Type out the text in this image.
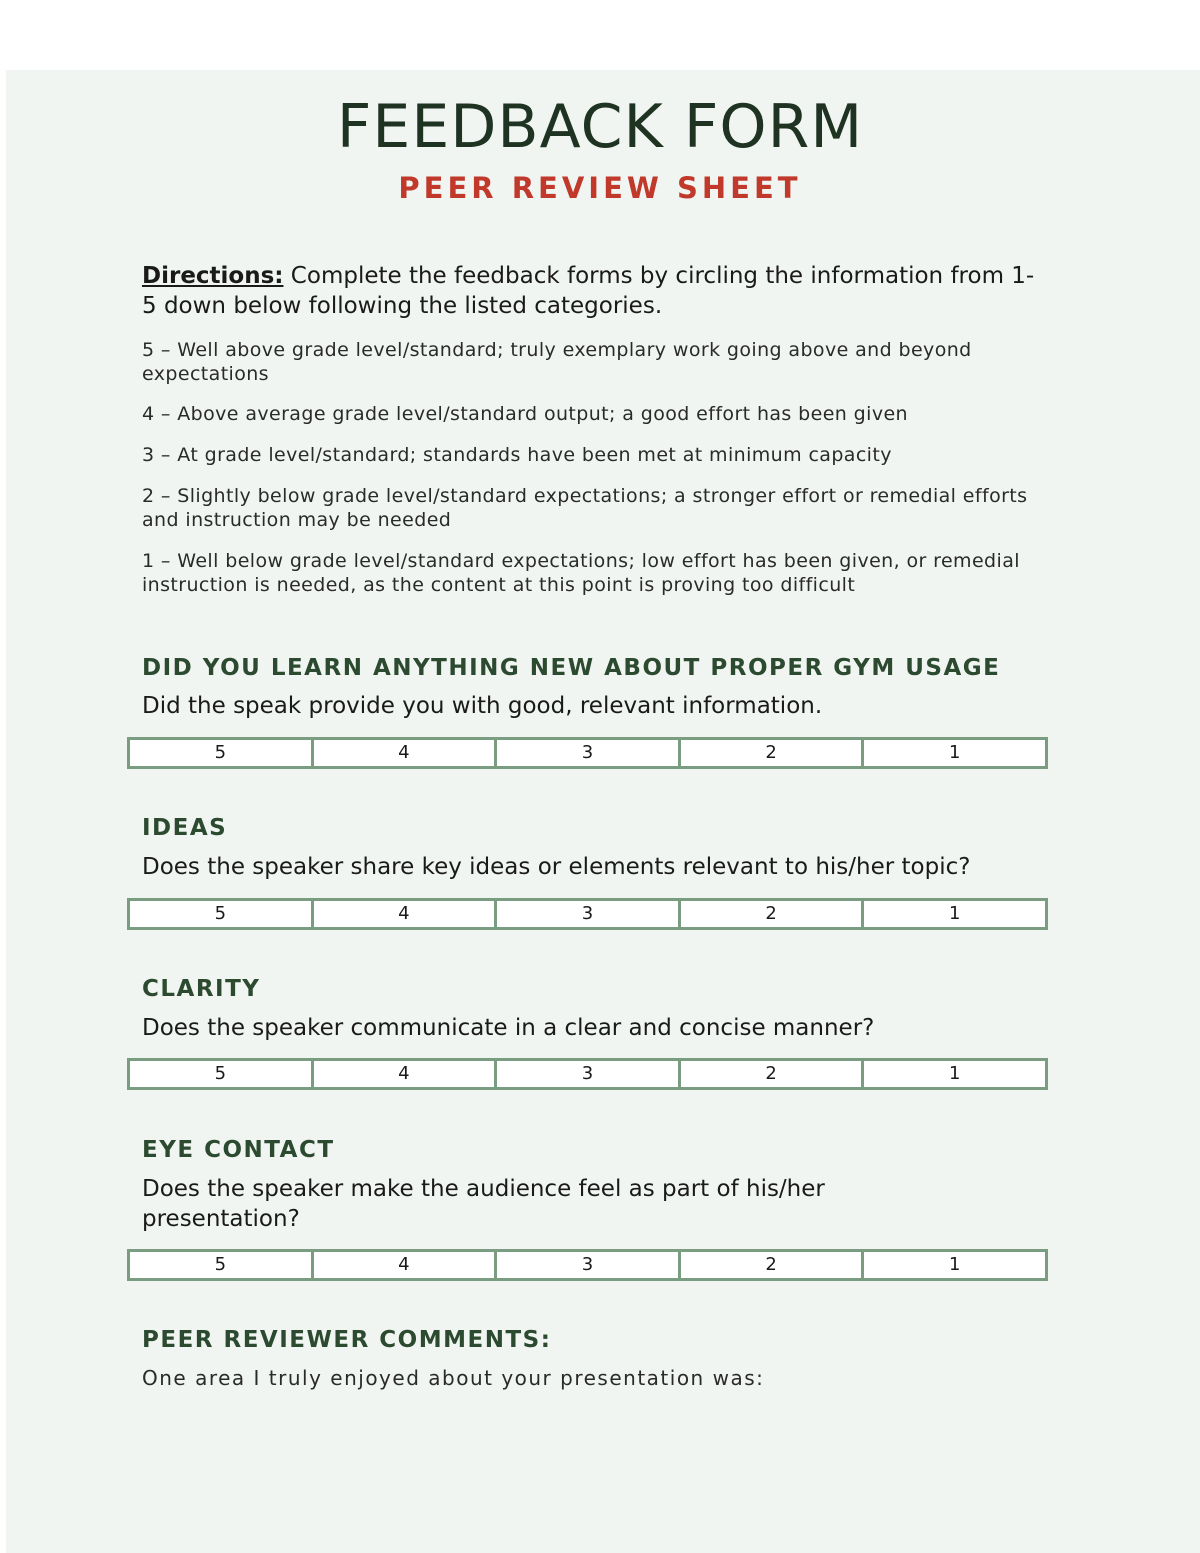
FEEDBACK FORM
PEER REVIEW SHEET
Directions: Complete the feedback forms by circling the information from 1-5 down below following the listed categories.
5 – Well above grade level/standard; truly exemplary work going above and beyond expectations
4 – Above average grade level/standard output; a good effort has been given
3 – At grade level/standard; standards have been met at minimum capacity
2 – Slightly below grade level/standard expectations; a stronger effort or remedial efforts and instruction may be needed
1 – Well below grade level/standard expectations; low effort has been given, or remedial instruction is needed, as the content at this point is proving too difficult
DID YOU LEARN ANYTHING NEW ABOUT PROPER GYM USAGE
Did the speak provide you with good, relevant information.
5	4	3	2	1
IDEAS
Does the speaker share key ideas or elements relevant to his/her topic?
5	4	3	2	1
CLARITY
Does the speaker communicate in a clear and concise manner?
5	4	3	2	1
EYE CONTACT
Does the speaker make the audience feel as part of his/her presentation?
5	4	3	2	1
PEER REVIEWER COMMENTS:
One area I truly enjoyed about your presentation was:
